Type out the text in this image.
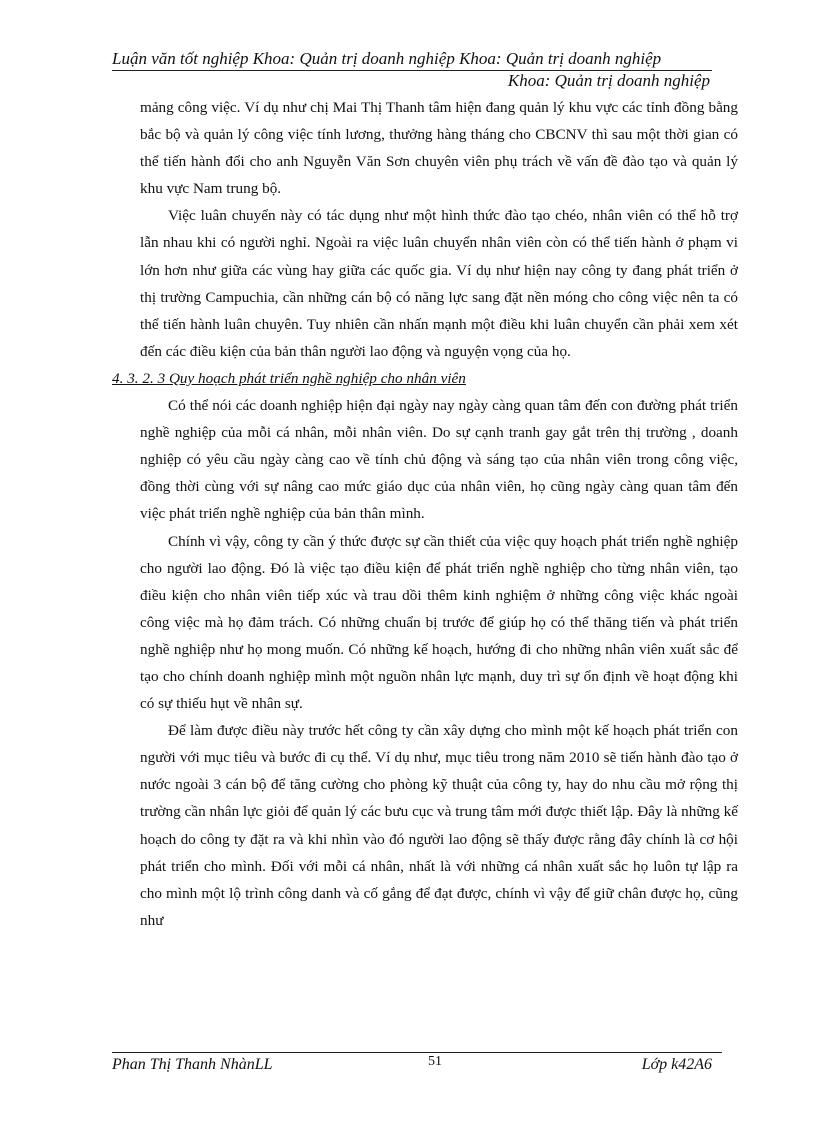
Luận văn tốt nghiệp Khoa: Quản trị doanh nghiệp Khoa: Quản trị doanh nghiệp
Khoa: Quản trị doanh nghiệp

mảng công việc. Ví dụ như chị Mai Thị Thanh tâm hiện đang quản lý khu vực các tỉnh đồng bằng bắc bộ và quản lý công việc tính lương, thưởng hàng tháng cho CBCNV thì sau một thời gian có thể tiến hành đổi cho anh Nguyễn Văn Sơn chuyên viên phụ trách về vấn đề đào tạo và quản lý khu vực Nam trung bộ.

Việc luân chuyển này có tác dụng như một hình thức đào tạo chéo, nhân viên có thể hỗ trợ lẫn nhau khi có người nghỉ. Ngoài ra việc luân chuyển nhân viên còn có thể tiến hành ở phạm vi lớn hơn như giữa các vùng hay giữa các quốc gia. Ví dụ như hiện nay công ty đang phát triển ở thị trường Campuchia, cần những cán bộ có năng lực sang đặt nền móng cho công việc nên ta có thể tiến hành luân chuyên. Tuy nhiên cần nhấn mạnh một điều khi luân chuyển cần phải xem xét đến các điều kiện của bản thân người lao động và nguyện vọng của họ.

4. 3. 2. 3 Quy hoạch phát triển nghề nghiệp cho nhân viên

Có thể nói các doanh nghiệp hiện đại ngày nay ngày càng quan tâm đến con đường phát triển nghề nghiệp của mỗi cá nhân, mỗi nhân viên. Do sự cạnh tranh gay gắt trên thị trường , doanh nghiệp có yêu cầu ngày càng cao về tính chủ động và sáng tạo của nhân viên trong công việc, đồng thời cùng với sự nâng cao mức giáo dục của nhân viên, họ cũng ngày càng quan tâm đến việc phát triển nghề nghiệp của bản thân mình.

Chính vì vậy, công ty cần ý thức được sự cần thiết của việc quy hoạch phát triển nghề nghiệp cho người lao động. Đó là việc tạo điều kiện để phát triển nghề nghiệp cho từng nhân viên, tạo điều kiện cho nhân viên tiếp xúc và trau dồi thêm kinh nghiệm ở những công việc khác ngoài công việc mà họ đảm trách. Có những chuẩn bị trước để giúp họ có thể thăng tiến và phát triển nghề nghiệp như họ mong muốn. Có những kế hoạch, hướng đi cho những nhân viên xuất sắc để tạo cho chính doanh nghiệp mình một nguồn nhân lực mạnh, duy trì sự ổn định về hoạt động khi có sự thiếu hụt về nhân sự.

Để làm được điều này trước hết công ty cần xây dựng cho mình một kế hoạch phát triển con người với mục tiêu và bước đi cụ thể. Ví dụ như, mục tiêu trong năm 2010 sẽ tiến hành đào tạo ở nước ngoài 3 cán bộ để tăng cường cho phòng kỹ thuật của công ty, hay do nhu cầu mở rộng thị trường cần nhân lực giỏi để quản lý các bưu cục và trung tâm mới được thiết lập. Đây là những kế hoạch do công ty đặt ra và khi nhìn vào đó người lao động sẽ thấy được rằng đây chính là cơ hội phát triển cho mình. Đối với mỗi cá nhân, nhất là với những cá nhân xuất sắc họ luôn tự lập ra cho mình một lộ trình công danh và cố gắng để đạt được, chính vì vậy để giữ chân được họ, cũng như

Phan Thị Thanh NhànLL	51	Lớp k42A6
